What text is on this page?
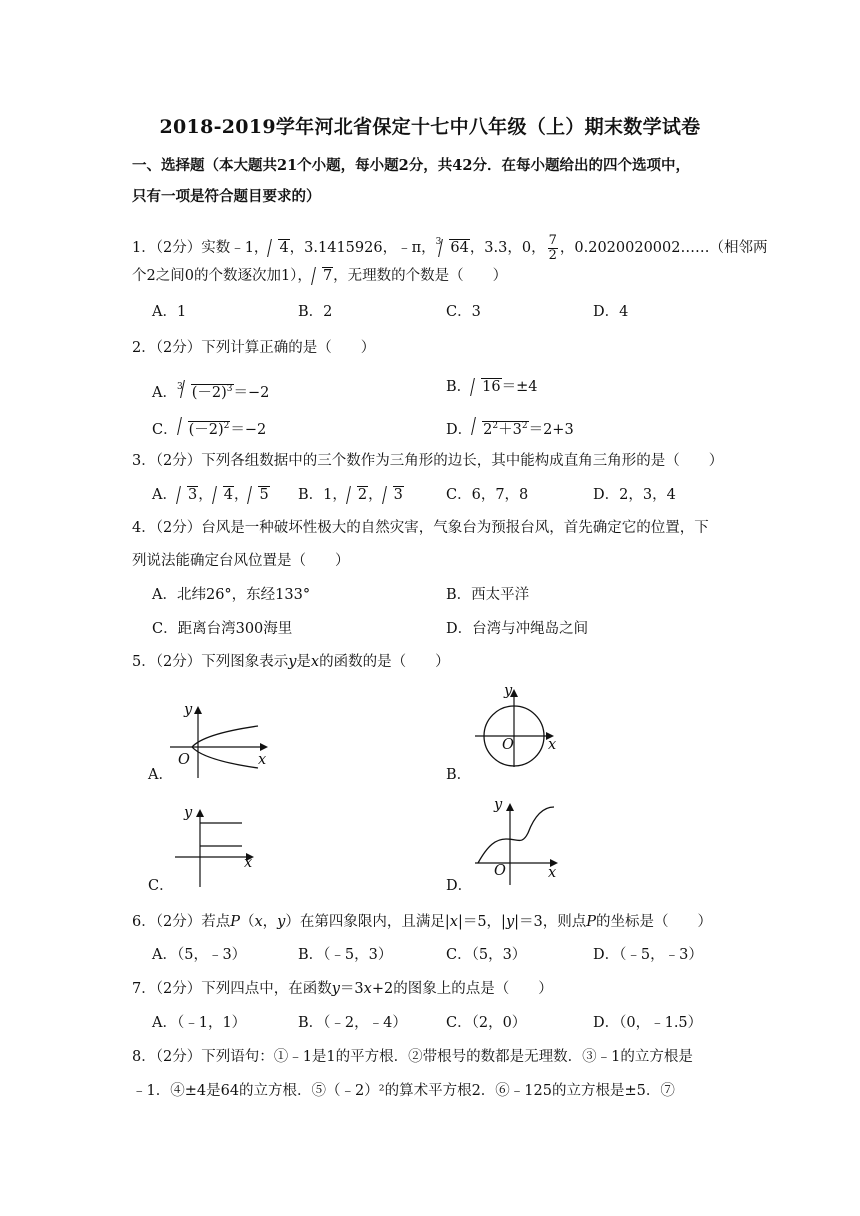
2018-2019学年河北省保定十七中八年级（上）期末数学试卷
一、选择题（本大题共21个小题，每小题2分，共42分．在每小题给出的四个选项中，
只有一项是符合题目要求的）
1．（2分）实数﹣1， 4，3.1415926，﹣π，$^3$ 64，3.3，0， $\frac{7}{2}$ ，0.2020020002……（相邻两
个2之间0的个数逐次加1）， 7，无理数的个数是（　　）
A．1	B．2	C．3	D．4
2．（2分）下列计算正确的是（　　）
A．$^3$ $(-2)^3=-2$	B． 16＝±4
C． $(-2)^2=-2$	D． $2^2+3^2=2+3$
3．（2分）下列各组数据中的三个数作为三角形的边长，其中能构成直角三角形的是（　　）
A． 3， 4， 5 B．1， 2， 3	C．6，7，8	D．2，3，4
4．（2分）台风是一种破坏性极大的自然灾害，气象台为预报台风，首先确定它的位置，下
列说法能确定台风位置是（　　）
A．北纬26°，东经133°	B．西太平洋
C．距离台湾300海里	D．台湾与冲绳岛之间
5．（2分）下列图象表示y是x的函数的是（　　）
y
O	x
A．
y
O x
B．
y
x
C．
y
O	x
D．
6．（2分）若点P（x，y）在第四象限内，且满足|x|＝5，|y|＝3，则点P的坐标是（　　）
A．（5，﹣3）	B．（﹣5，3）	C．（5，3）	D．（﹣5，﹣3）
7．（2分）下列四点中，在函数y＝3x+2的图象上的点是（　　）
A．（﹣1，1）	B．（﹣2，﹣4）	C．（2，0）	D．（0，﹣1.5）
8．（2分）下列语句：①﹣1是1的平方根．②带根号的数都是无理数．③﹣1的立方根是
﹣1．④±4是64的立方根．⑤（﹣2）²的算术平方根2．⑥﹣125的立方根是±5．⑦
